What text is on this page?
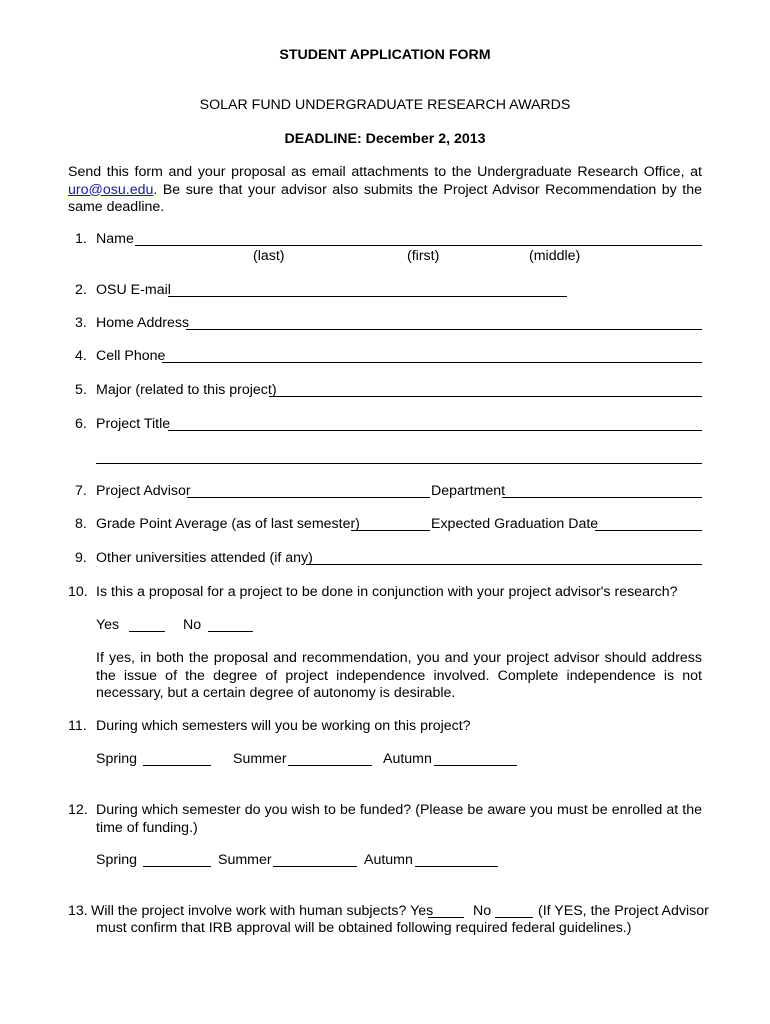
STUDENT APPLICATION FORM
SOLAR FUND UNDERGRADUATE RESEARCH AWARDS
DEADLINE: December 2, 2013
Send this form and your proposal as email attachments to the Undergraduate Research Office, at uro@osu.edu. Be sure that your advisor also submits the Project Advisor Recommendation by the same deadline.
1. Name
(last)	(first)	(middle)
2. OSU E-mail
3. Home Address
4. Cell Phone
5. Major (related to this project)
6. Project Title
7. Project Advisor	Department
8. Grade Point Average (as of last semester)	Expected Graduation Date
9. Other universities attended (if any)
10. Is this a proposal for a project to be done in conjunction with your project advisor's research?
Yes	No
If yes, in both the proposal and recommendation, you and your project advisor should address the issue of the degree of project independence involved. Complete independence is not necessary, but a certain degree of autonomy is desirable.
11. During which semesters will you be working on this project?
Spring	Summer	Autumn
12. During which semester do you wish to be funded? (Please be aware you must be enrolled at the time of funding.)
Spring	Summer	Autumn
13. Will the project involve work with human subjects? Yes	No	(If YES, the Project Advisor
must confirm that IRB approval will be obtained following required federal guidelines.)
